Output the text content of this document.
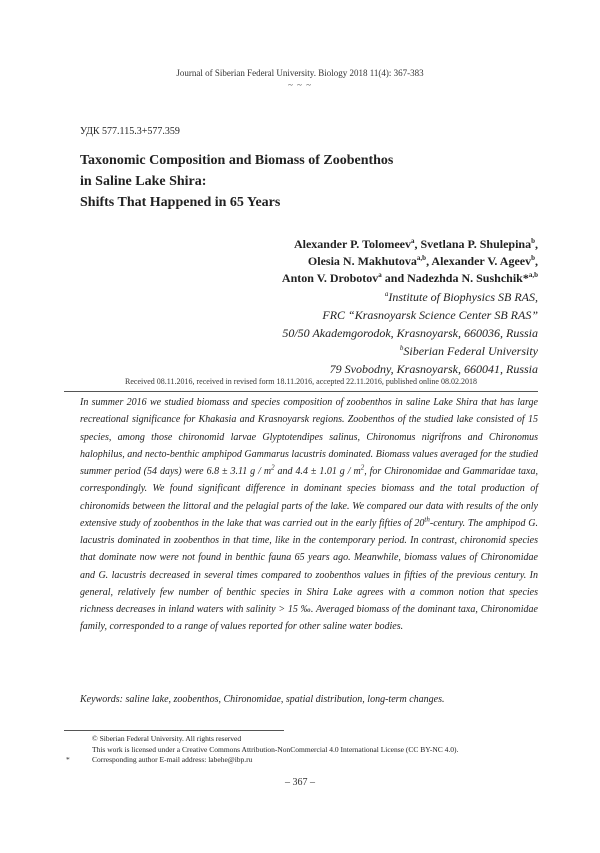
Journal of Siberian Federal University. Biology 2018 11(4): 367-383
~ ~ ~
УДК 577.115.3+577.359
Taxonomic Composition and Biomass of Zoobenthos
in Saline Lake Shira:
Shifts That Happened in 65 Years
Alexander P. Tolomeev$^a$, Svetlana P. Shulepina$^b$,
Olesia N. Makhutova$^{a,b}$, Alexander V. Ageev$^b$,
Anton V. Drobotov$^a$ and Nadezhda N. Sushchik*$^{a,b}$
$^a$Institute of Biophysics SB RAS,
FRC “Krasnoyarsk Science Center SB RAS”
50/50 Akademgorodok, Krasnoyarsk, 660036, Russia
$^b$Siberian Federal University
79 Svobodny, Krasnoyarsk, 660041, Russia
Received 08.11.2016, received in revised form 18.11.2016, accepted 22.11.2016, published online 08.02.2018
In summer 2016 we studied biomass and species composition of zoobenthos in saline Lake Shira that has large recreational significance for Khakasia and Krasnoyarsk regions. Zoobenthos of the studied lake consisted of 15 species, among those chironomid larvae Glyptotendipes salinus, Chironomus nigrifrons and Chironomus halophilus, and necto-benthic amphipod Gammarus lacustris dominated. Biomass values averaged for the studied summer period (54 days) were 6.8 ± 3.11 g / $m^2$ and 4.4 ± 1.01 g / $m^2$, for Chironomidae and Gammaridae taxa, correspondingly. We found significant difference in dominant species biomass and the total production of chironomids between the littoral and the pelagial parts of the lake. We compared our data with results of the only extensive study of zoobenthos in the lake that was carried out in the early fifties of 20th-century. The amphipod G. lacustris dominated in zoobenthos in that time, like in the contemporary period. In contrast, chironomid species that dominate now were not found in benthic fauna 65 years ago. Meanwhile, biomass values of Chironomidae and G. lacustris decreased in several times compared to zoobenthos values in fifties of the previous century. In general, relatively few number of benthic species in Shira Lake agrees with a common notion that species richness decreases in inland waters with salinity > 15 ‰. Averaged biomass of the dominant taxa, Chironomidae family, corresponded to a range of values reported for other saline water bodies.
Keywords: saline lake, zoobenthos, Chironomidae, spatial distribution, long-term changes.
© Siberian Federal University. All rights reserved
This work is licensed under a Creative Commons Attribution-NonCommercial 4.0 International License (CC BY-NC 4.0).
*	Corresponding author E-mail address: labehe@ibp.ru
– 367 –
